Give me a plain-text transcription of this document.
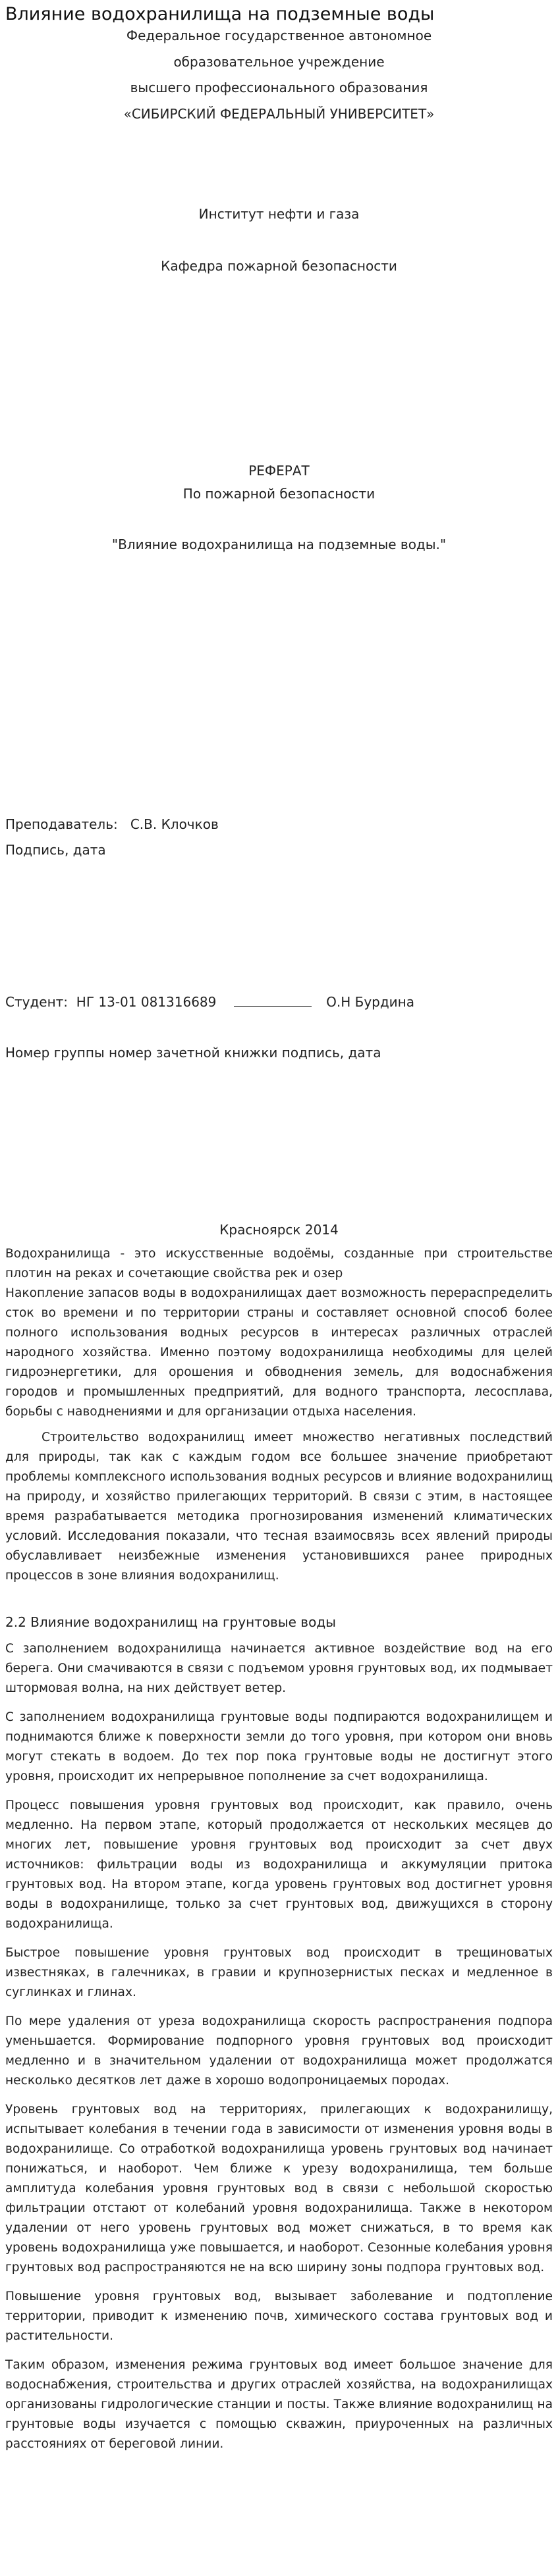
Влияние водохранилища на подземные воды
Федеральное государственное автономное
образовательное учреждение
высшего профессионального образования
«СИБИРСКИЙ ФЕДЕРАЛЬНЫЙ УНИВЕРСИТЕТ»
Институт нефти и газа
Кафедра пожарной безопасности
РЕФЕРАТ
По пожарной безопасности
"Влияние водохранилища на подземные воды."
Преподаватель: С.В. Клочков
Подпись, дата
Студент: НГ 13-01 081316689	О.Н Бурдина
Номер группы номер зачетной книжки подпись, дата
Красноярск 2014

Водохранилища - это искусственные водоёмы, созданные при строительстве плотин на реках и сочетающие свойства рек и озер

Накопление запасов воды в водохранилищах дает возможность перераспределить сток во времени и по территории страны и составляет основной способ более полного использования водных ресурсов в интересах различных отраслей народного хозяйства. Именно поэтому водохранилища необходимы для целей гидроэнергетики, для орошения и обводнения земель, для водоснабжения городов и промышленных предприятий, для водного транспорта, лесосплава, борьбы с наводнениями и для организации отдыха населения.

Строительство водохранилищ имеет множество негативных последствий для природы, так как с каждым годом все большее значение приобретают проблемы комплексного использования водных ресурсов и влияние водохранилищ на природу, и хозяйство прилегающих территорий. В связи с этим, в настоящее время разрабатывается методика прогнозирования изменений климатических условий. Исследования показали, что тесная взаимосвязь всех явлений природы обуславливает неизбежные изменения установившихся ранее природных процессов в зоне влияния водохранилищ.

2.2 Влияние водохранилищ на грунтовые воды

С заполнением водохранилища начинается активное воздействие вод на его берега. Они смачиваются в связи с подъемом уровня грунтовых вод, их подмывает штормовая волна, на них действует ветер.

С заполнением водохранилища грунтовые воды подпираются водохранилищем и поднимаются ближе к поверхности земли до того уровня, при котором они вновь могут стекать в водоем. До тех пор пока грунтовые воды не достигнут этого уровня, происходит их непрерывное пополнение за счет водохранилища.

Процесс повышения уровня грунтовых вод происходит, как правило, очень медленно. На первом этапе, который продолжается от нескольких месяцев до многих лет, повышение уровня грунтовых вод происходит за счет двух источников: фильтрации воды из водохранилища и аккумуляции притока грунтовых вод. На втором этапе, когда уровень грунтовых вод достигнет уровня воды в водохранилище, только за счет грунтовых вод, движущихся в сторону водохранилища.

Быстрое повышение уровня грунтовых вод происходит в трещиноватых известняках, в галечниках, в гравии и крупнозернистых песках и медленное в суглинках и глинах.

По мере удаления от уреза водохранилища скорость распространения подпора уменьшается. Формирование подпорного уровня грунтовых вод происходит медленно и в значительном удалении от водохранилища может продолжатся несколько десятков лет даже в хорошо водопроницаемых породах.

Уровень грунтовых вод на территориях, прилегающих к водохранилищу, испытывает колебания в течении года в зависимости от изменения уровня воды в водохранилище. Со отработкой водохранилища уровень грунтовых вод начинает понижаться, и наоборот. Чем ближе к урезу водохранилища, тем больше амплитуда колебания уровня грунтовых вод в связи с небольшой скоростью фильтрации отстают от колебаний уровня водохранилища. Также в некотором удалении от него уровень грунтовых вод может снижаться, в то время как уровень водохранилища уже повышается, и наоборот. Сезонные колебания уровня грунтовых вод распространяются не на всю ширину зоны подпора грунтовых вод.

Повышение уровня грунтовых вод, вызывает заболевание и подтопление территории, приводит к изменению почв, химического состава грунтовых вод и растительности.

Таким образом, изменения режима грунтовых вод имеет большое значение для водоснабжения, строительства и других отраслей хозяйства, на водохранилищах организованы гидрологические станции и посты. Также влияние водохранилищ на грунтовые воды изучается с помощью скважин, приуроченных на различных расстояниях от береговой линии.
